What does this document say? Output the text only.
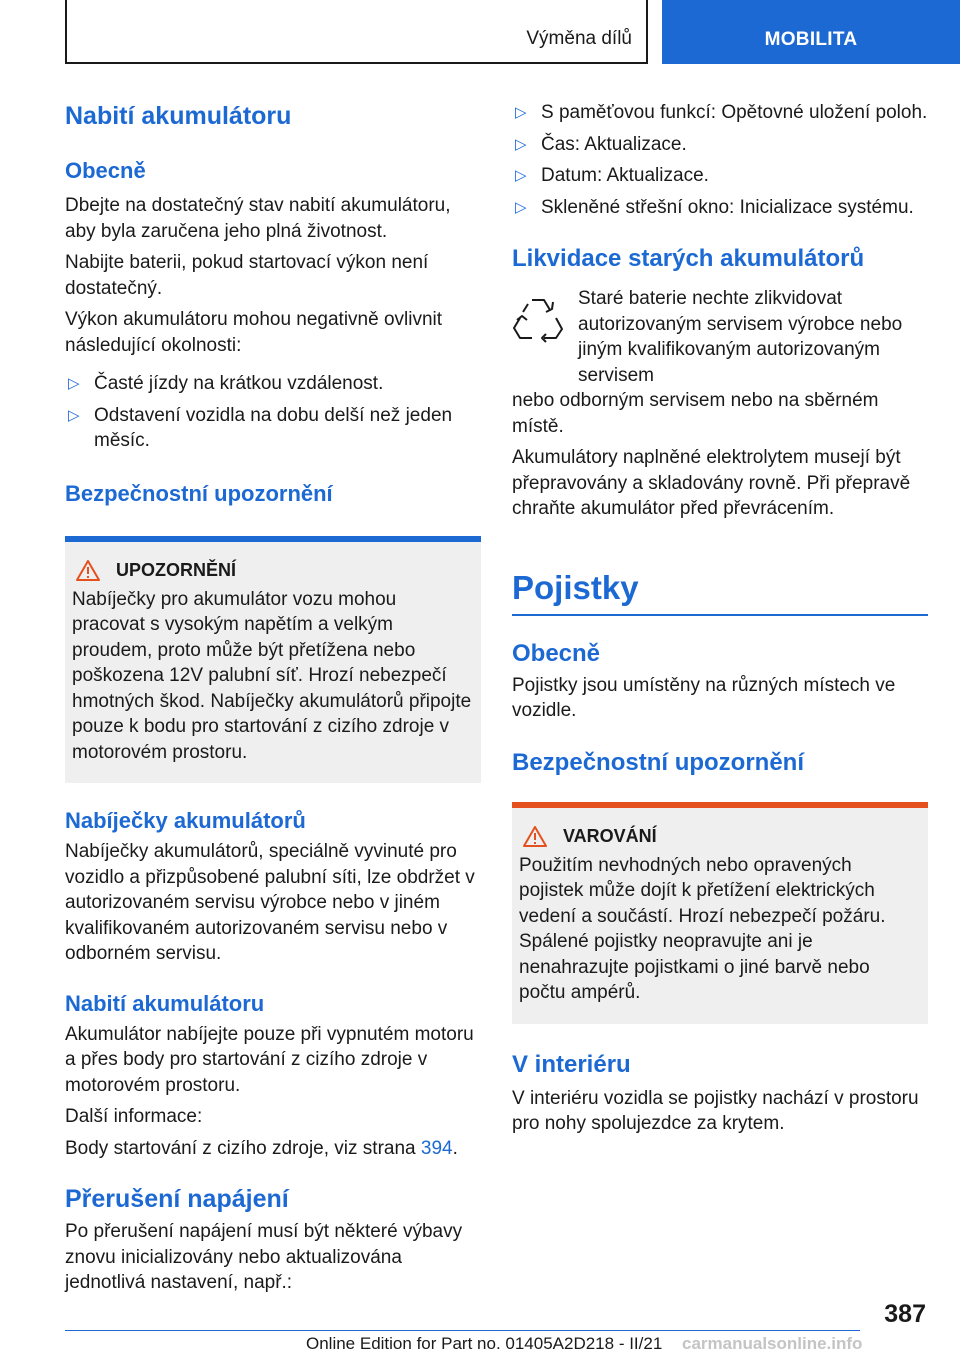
Výměna dílů	MOBILITA
Nabití akumulátoru
Obecně

Dbejte na dostatečný stav nabití akumulátoru, aby byla zaručena jeho plná životnost.

Nabijte baterii, pokud startovací výkon není dostatečný.

Výkon akumulátoru mohou negativně ovlivnit následující okolnosti:

▷ Časté jízdy na krátkou vzdálenost.
▷ Odstavení vozidla na dobu delší než jeden měsíc.
Bezpečnostní upozornění
UPOZORNĚNÍ

Nabíječky pro akumulátor vozu mohou pracovat s vysokým napětím a velkým proudem, proto může být přetížena nebo poškozena 12V palubní síť. Hrozí nebezpečí hmotných škod. Nabíječky akumulátorů připojte pouze k bodu pro startování z cizího zdroje v motorovém prostoru.

Nabíječky akumulátorů

Nabíječky akumulátorů, speciálně vyvinuté pro vozidlo a přizpůsobené palubní síti, lze obdržet v autorizovaném servisu výrobce nebo v jiném kvalifikovaném autorizovaném servisu nebo v odborném servisu.

Nabití akumulátoru

Akumulátor nabíjejte pouze při vypnutém motoru a přes body pro startování z cizího zdroje v motorovém prostoru.

Další informace:

Body startování z cizího zdroje, viz strana 394.

Přerušení napájení

Po přerušení napájení musí být některé výbavy znovu inicializovány nebo aktualizována jednotlivá nastavení, např.:

▷ S paměťovou funkcí: Opětovné uložení poloh.
▷ Čas: Aktualizace.
▷ Datum: Aktualizace.
▷ Skleněné střešní okno: Inicializace systému.
Likvidace starých akumulátorů

Staré baterie nechte zlikvidovat autorizovaným servisem výrobce nebo jiným kvalifikovaným autorizovaným servisem

nebo odborným servisem nebo na sběrném místě.

Akumulátory naplněné elektrolytem musejí být přepravovány a skladovány rovně. Při přepravě chraňte akumulátor před převrácením.

Pojistky
Obecně

Pojistky jsou umístěny na různých místech ve vozidle.

Bezpečnostní upozornění
VAROVÁNÍ

Použitím nevhodných nebo opravených pojistek může dojít k přetížení elektrických vedení a součástí. Hrozí nebezpečí požáru. Spálené pojistky neopravujte ani je nenahrazujte pojistkami o jiné barvě nebo počtu ampérů.

V interiéru

V interiéru vozidla se pojistky nachází v prostoru pro nohy spolujezdce za krytem.

387
Online Edition for Part no. 01405A2D218 - II/21 carmanualsonline.info
